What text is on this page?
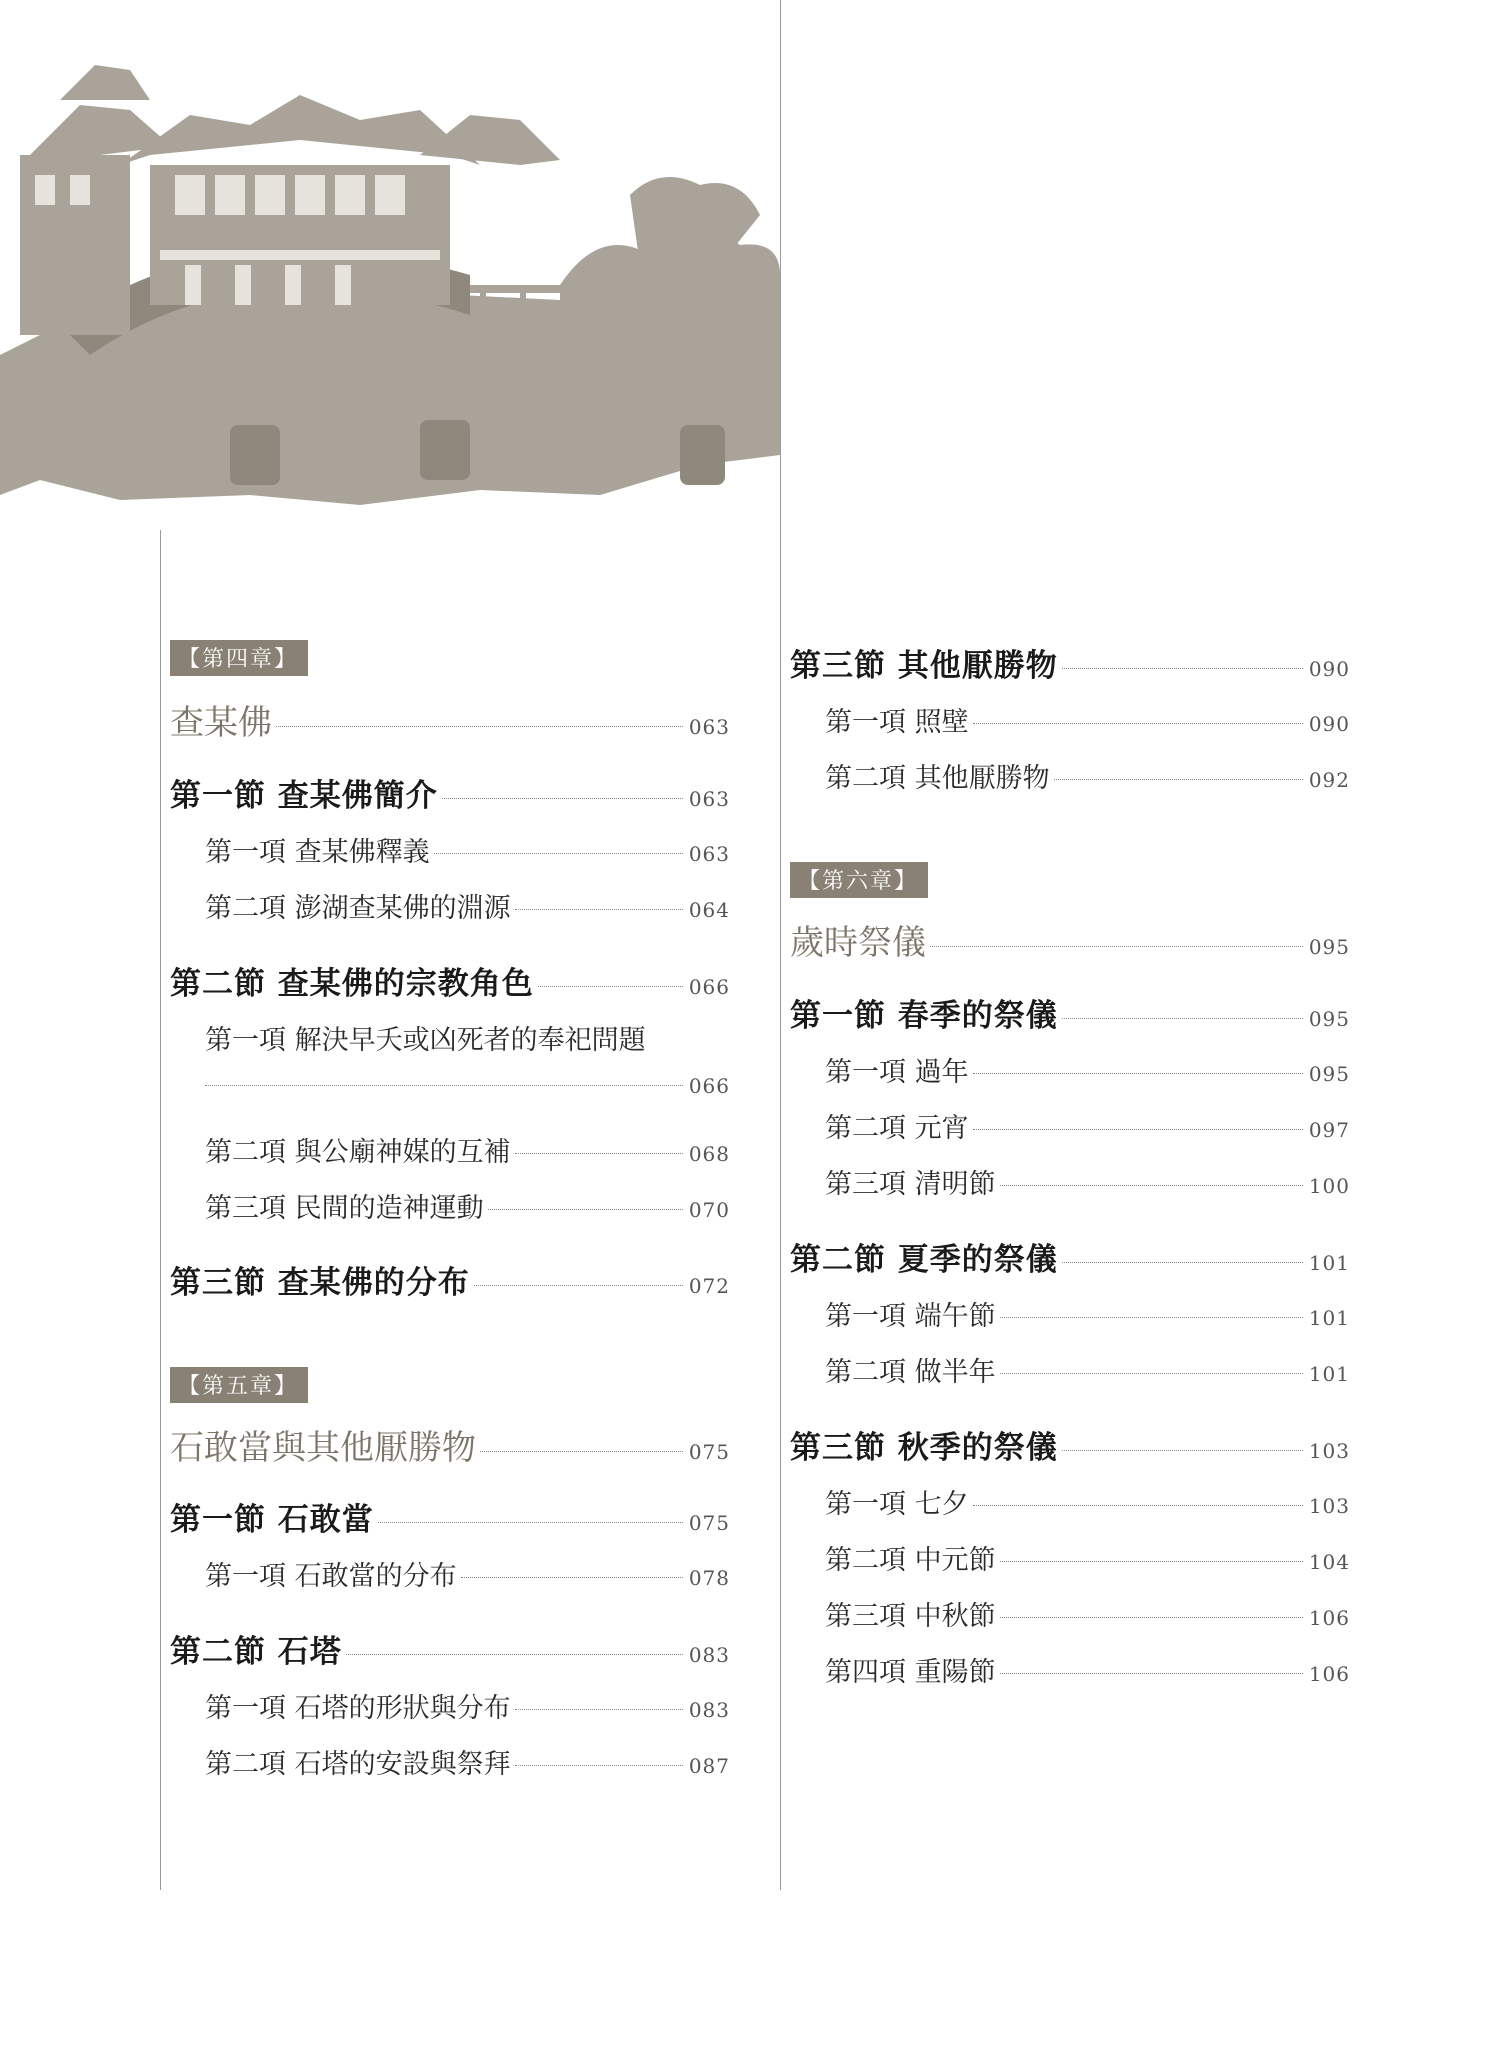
【第四章】
查某佛	063
第一節 查某佛簡介	063
第一項 查某佛釋義	063
第二項 澎湖查某佛的淵源	064
第二節 查某佛的宗教角色	066
第一項 解決早夭或凶死者的奉祀問題
066
第二項 與公廟神媒的互補	068
第三項 民間的造神運動	070
第三節 查某佛的分布	072
【第五章】
石敢當與其他厭勝物	075
第一節 石敢當	075
第一項 石敢當的分布	078
第二節 石塔	083
第一項 石塔的形狀與分布	083
第二項 石塔的安設與祭拜	087
第三節 其他厭勝物	090
第一項 照壁	090
第二項 其他厭勝物	092
【第六章】
歲時祭儀	095
第一節 春季的祭儀	095
第一項 過年	095
第二項 元宵	097
第三項 清明節	100
第二節 夏季的祭儀	101
第一項 端午節	101
第二項 做半年	101
第三節 秋季的祭儀	103
第一項 七夕	103
第二項 中元節	104
第三項 中秋節	106
第四項 重陽節	106
